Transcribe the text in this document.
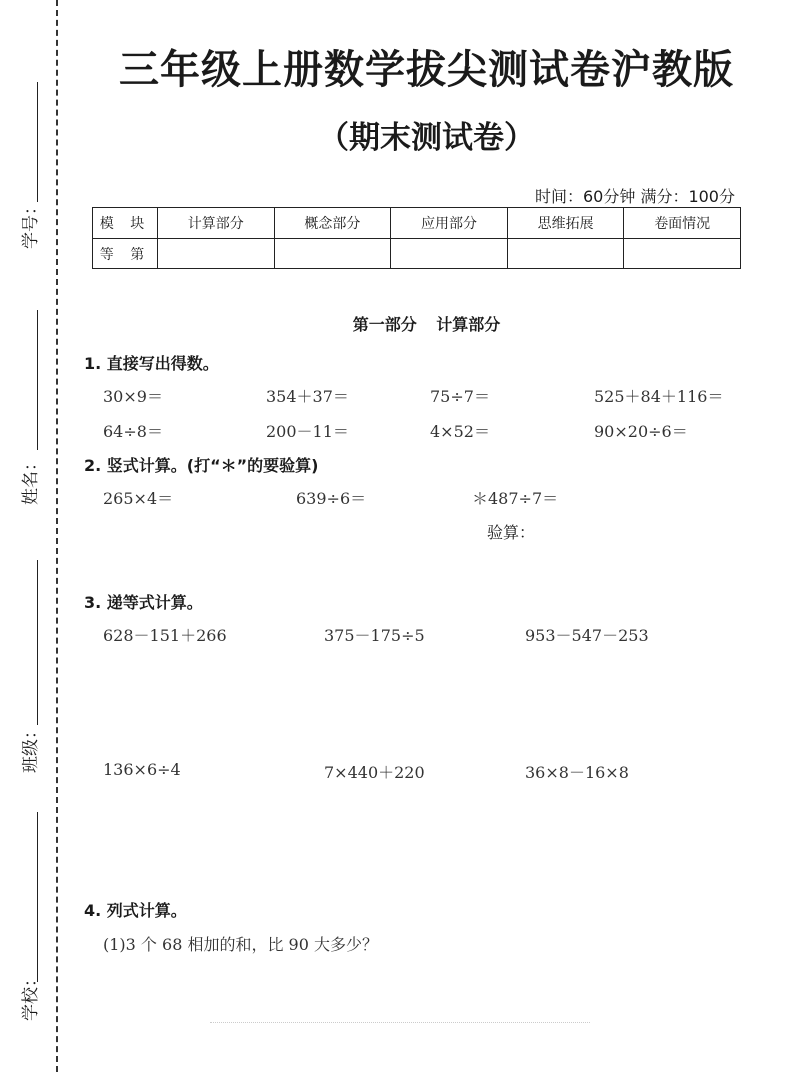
学号：
姓名：
班级：
学校：
三年级上册数学拔尖测试卷沪教版
（期末测试卷）
时间：60分钟 满分：100分
模 块	计算部分	概念部分	应用部分	思维拓展	卷面情况
等 第					
第一部分 计算部分
1. 直接写出得数。
30×9＝	354＋37＝	75÷7＝	525＋84＋116＝
64÷8＝	200－11＝	4×52＝	90×20÷6＝
2. 竖式计算。(打“＊”的要验算)
265×4＝	639÷6＝	＊487÷7＝
验算：
3. 递等式计算。
628－151＋266	375－175÷5	953－547－253
136×6÷4	7×440＋220	36×8－16×8
4. 列式计算。
(1)3 个 68 相加的和，比 90 大多少？
